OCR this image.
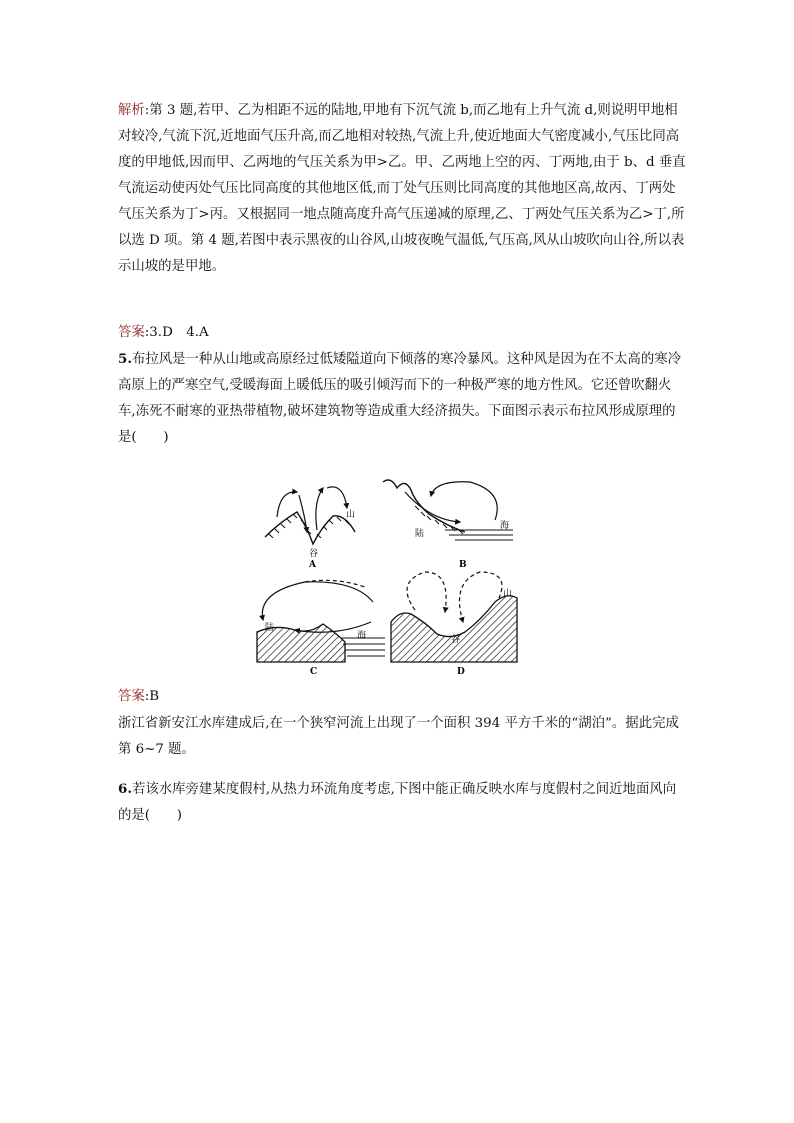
解析:第 3 题,若甲、乙为相距不远的陆地,甲地有下沉气流 b,而乙地有上升气流 d,则说明甲地相对较冷,气流下沉,近地面气压升高,而乙地相对较热,气流上升,使近地面大气密度减小,气压比同高度的甲地低,因而甲、乙两地的气压关系为甲>乙。甲、乙两地上空的丙、丁两地,由于 b、d 垂直气流运动使丙处气压比同高度的其他地区低,而丁处气压则比同高度的其他地区高,故丙、丁两处气压关系为丁>丙。又根据同一地点随高度升高气压递减的原理,乙、丁两处气压关系为乙>丁,所以选 D 项。第 4 题,若图中表示黑夜的山谷风,山坡夜晚气温低,气压高,风从山坡吹向山谷,所以表示山坡的是甲地。

答案:3.D　4.A

5.布拉风是一种从山地或高原经过低矮隘道向下倾落的寒冷暴风。这种风是因为在不太高的寒冷高原上的严寒空气,受暖海面上暖低压的吸引倾泻而下的一种极严寒的地方性风。它还曾吹翻火车,冻死不耐寒的亚热带植物,破坏建筑物等造成重大经济损失。下面图示表示布拉风形成原理的是(　　)

山
谷
A
陆
海
B
陆
海
C
山
谷
D

答案:B

浙江省新安江水库建成后,在一个狭窄河流上出现了一个面积 394 平方千米的“湖泊”。据此完成第 6~7 题。

6.若该水库旁建某度假村,从热力环流角度考虑,下图中能正确反映水库与度假村之间近地面风向的是(　　)
